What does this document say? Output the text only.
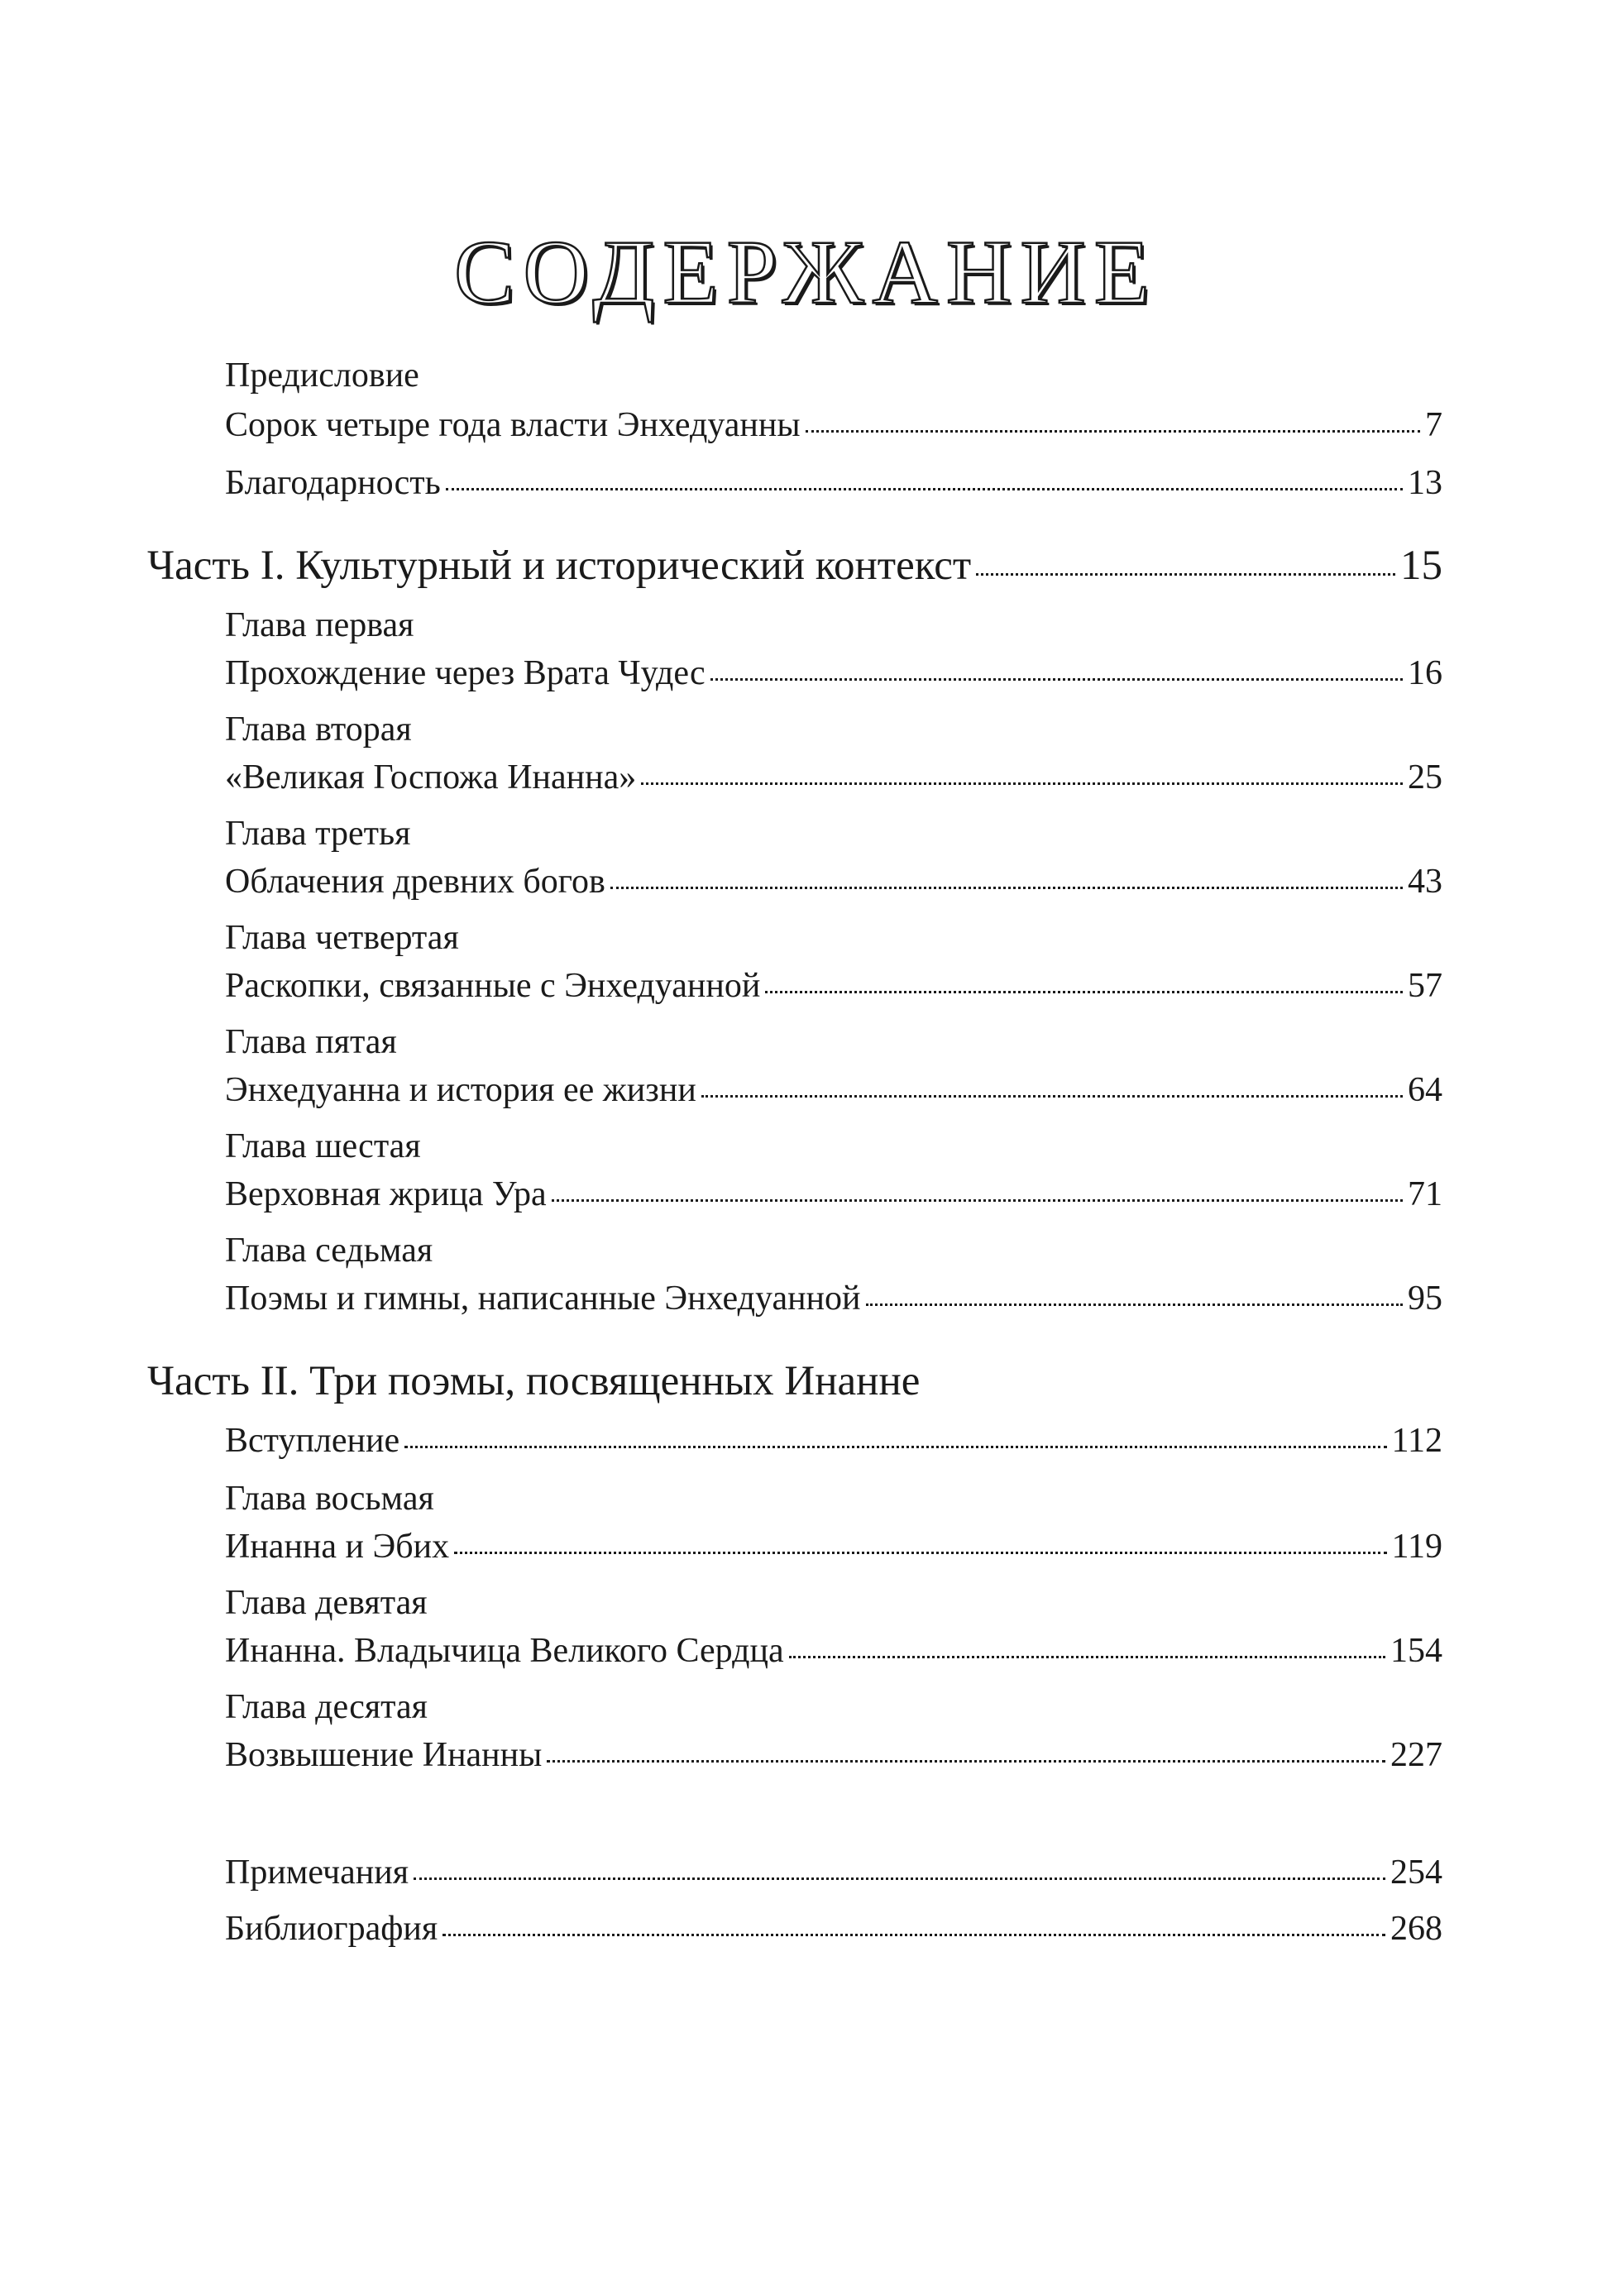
СОДЕРЖАНИЕ
Предисловие
Сорок четыре года власти Энхедуанны	7
Благодарность	13
Часть I. Культурный и исторический контекст	15
Глава первая
Прохождение через Врата Чудес	16
Глава вторая
«Великая Госпожа Инанна»	25
Глава третья
Облачения древних богов	43
Глава четвертая
Раскопки, связанные с Энхедуанной	57
Глава пятая
Энхедуанна и история ее жизни	64
Глава шестая
Верховная жрица Ура	71
Глава седьмая
Поэмы и гимны, написанные Энхедуанной	95
Часть II. Три поэмы, посвященных Инанне
Вступление	112
Глава восьмая
Инанна и Эбих	119
Глава девятая
Инанна. Владычица Великого Сердца	154
Глава десятая
Возвышение Инанны	227
Примечания	254
Библиография	268
